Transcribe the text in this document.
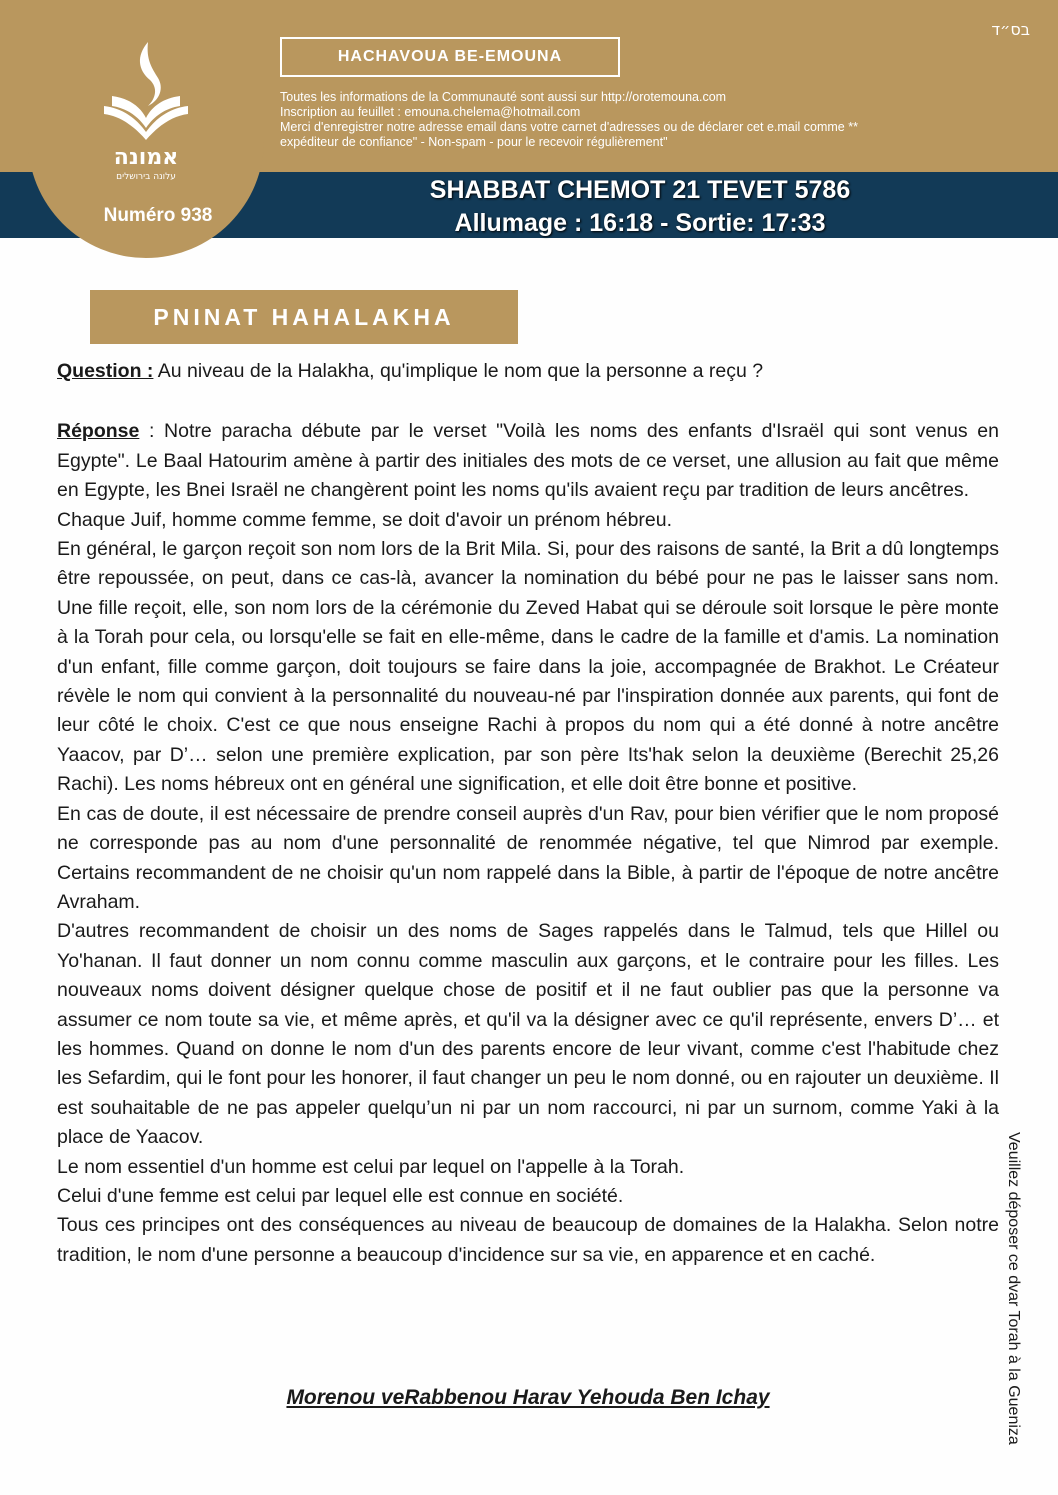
אמונה
עלונה בירושלים
Numéro 938
בס״ד
HACHAVOUA BE-EMOUNA
Toutes les informations de la Communauté sont aussi sur http://orotemouna.com
Inscription au feuillet : emouna.chelema@hotmail.com
Merci d'enregistrer notre adresse email dans votre carnet d'adresses ou de déclarer cet e.mail comme **
expéditeur de confiance" - Non-spam - pour le recevoir régulièrement"
SHABBAT CHEMOT 21 TEVET 5786
Allumage : 16:18 - Sortie: 17:33
PNINAT HAHALAKHA

Question : Au niveau de la Halakha, qu'implique le nom que la personne a reçu ?

Réponse : Notre paracha débute par le verset "Voilà les noms des enfants d'Israël qui sont venus en Egypte". Le Baal Hatourim amène à partir des initiales des mots de ce verset, une allusion au fait que même en Egypte, les Bnei Israël ne changèrent point les noms qu'ils avaient reçu par tradition de leurs ancêtres.

Chaque Juif, homme comme femme, se doit d'avoir un prénom hébreu.

En général, le garçon reçoit son nom lors de la Brit Mila. Si, pour des raisons de santé, la Brit a dû longtemps être repoussée, on peut, dans ce cas-là, avancer la nomination du bébé pour ne pas le laisser sans nom. Une fille reçoit, elle, son nom lors de la cérémonie du Zeved Habat qui se déroule soit lorsque le père monte à la Torah pour cela, ou lorsqu'elle se fait en elle-même, dans le cadre de la famille et d'amis. La nomination d'un enfant, fille comme garçon, doit toujours se faire dans la joie, accompagnée de Brakhot. Le Créateur révèle le nom qui convient à la personnalité du nouveau-né par l'inspiration donnée aux parents, qui font de leur côté le choix. C'est ce que nous enseigne Rachi à propos du nom qui a été donné à notre ancêtre Yaacov, par D’… selon une première explication, par son père Its'hak selon la deuxième (Berechit 25,26 Rachi). Les noms hébreux ont en général une signification, et elle doit être bonne et positive.

En cas de doute, il est nécessaire de prendre conseil auprès d'un Rav, pour bien vérifier que le nom proposé ne corresponde pas au nom d'une personnalité de renommée négative, tel que Nimrod par exemple. Certains recommandent de ne choisir qu'un nom rappelé dans la Bible, à partir de l'époque de notre ancêtre Avraham.

D'autres recommandent de choisir un des noms de Sages rappelés dans le Talmud, tels que Hillel ou Yo'hanan. Il faut donner un nom connu comme masculin aux garçons, et le contraire pour les filles. Les nouveaux noms doivent désigner quelque chose de positif et il ne faut oublier pas que la personne va assumer ce nom toute sa vie, et même après, et qu'il va la désigner avec ce qu'il représente, envers D’… et les hommes. Quand on donne le nom d'un des parents encore de leur vivant, comme c'est l'habitude chez les Sefardim, qui le font pour les honorer, il faut changer un peu le nom donné, ou en rajouter un deuxième. Il est souhaitable de ne pas appeler quelqu’un ni par un nom raccourci, ni par un surnom, comme Yaki à la place de Yaacov.

Le nom essentiel d'un homme est celui par lequel on l'appelle à la Torah.

Celui d'une femme est celui par lequel elle est connue en société.

Tous ces principes ont des conséquences au niveau de beaucoup de domaines de la Halakha. Selon notre tradition, le nom d'une personne a beaucoup d'incidence sur sa vie, en apparence et en caché.

Morenou veRabbenou Harav Yehouda Ben Ichay	Veuillez déposer ce dvar Torah à la Guenizа
